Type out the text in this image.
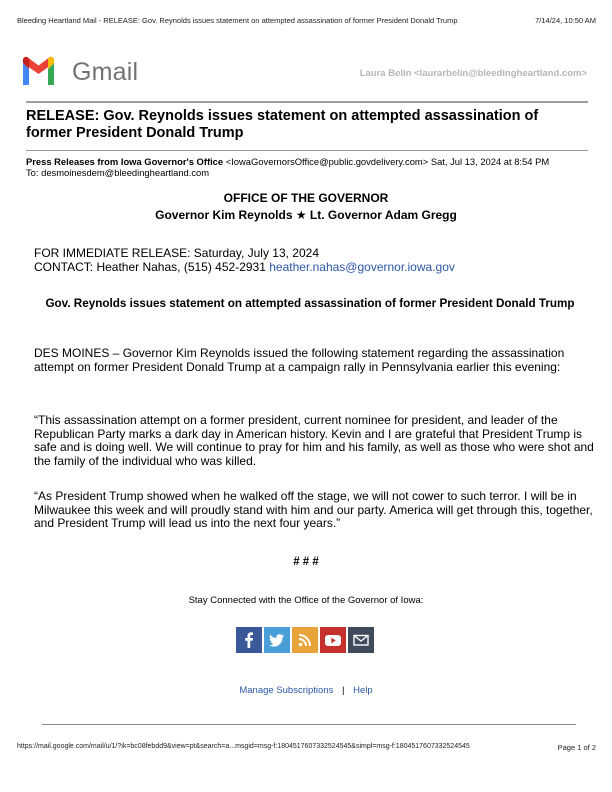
Bleeding Heartland Mail - RELEASE: Gov. Reynolds issues statement on attempted assassination of former President Donald Trump	7/14/24, 10:50 AM
Gmail	Laura Belin <laurarbelin@bleedingheartland.com>
RELEASE: Gov. Reynolds issues statement on attempted assassination of former President Donald Trump
Press Releases from Iowa Governor's Office <IowaGovernorsOffice@public.govdelivery.com> Sat, Jul 13, 2024 at 8:54 PM
To: desmoinesdem@bleedingheartland.com
OFFICE OF THE GOVERNOR
Governor Kim Reynolds ★ Lt. Governor Adam Gregg
FOR IMMEDIATE RELEASE: Saturday, July 13, 2024
CONTACT: Heather Nahas, (515) 452-2931 heather.nahas@governor.iowa.gov
Gov. Reynolds issues statement on attempted assassination of former President Donald Trump
DES MOINES – Governor Kim Reynolds issued the following statement regarding the assassination attempt on former President Donald Trump at a campaign rally in Pennsylvania earlier this evening:
“This assassination attempt on a former president, current nominee for president, and leader of the Republican Party marks a dark day in American history. Kevin and I are grateful that President Trump is safe and is doing well. We will continue to pray for him and his family, as well as those who were shot and the family of the individual who was killed.
“As President Trump showed when he walked off the stage, we will not cower to such terror. I will be in Milwaukee this week and will proudly stand with him and our party. America will get through this, together, and President Trump will lead us into the next four years.”
# # #
Stay Connected with the Office of the Governor of Iowa:
Manage Subscriptions | Help
https://mail.google.com/mail/u/1/?ik=bc08febdd9&view=pt&search=a...msgid=msg-f:1804517607332524545&simpl=msg-f:1804517607332524545	Page 1 of 2
